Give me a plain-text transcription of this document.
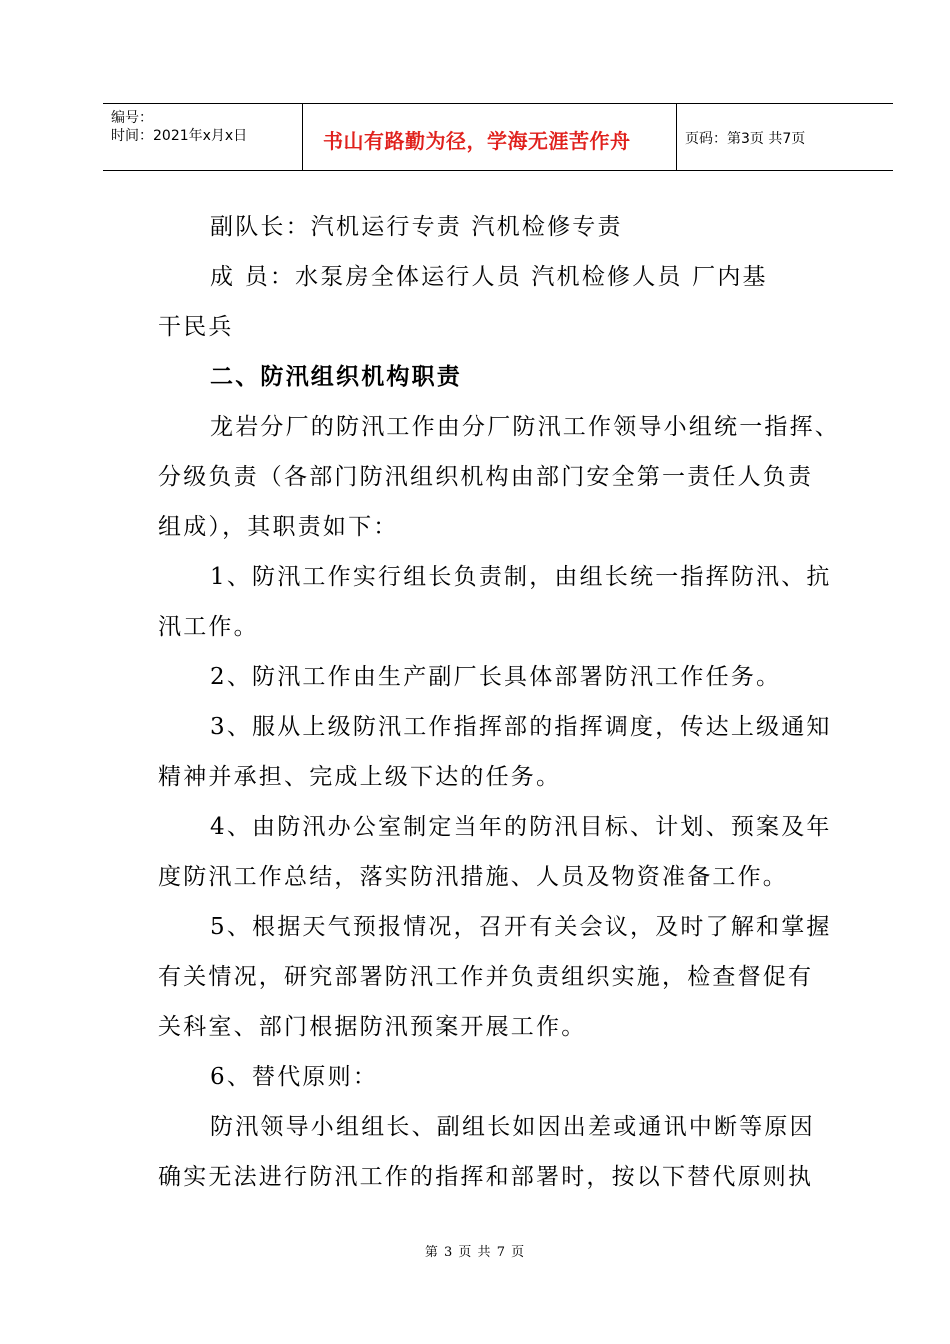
编号：
时间：2021年x月x日	书山有路勤为径，学海无涯苦作舟	页码：第3页 共7页
副队长：汽机运行专责 汽机检修专责
成 员：水泵房全体运行人员 汽机检修人员 厂内基
干民兵
二、防汛组织机构职责
龙岩分厂的防汛工作由分厂防汛工作领导小组统一指挥、
分级负责（各部门防汛组织机构由部门安全第一责任人负责
组成），其职责如下：
1、防汛工作实行组长负责制，由组长统一指挥防汛、抗
汛工作。
2、防汛工作由生产副厂长具体部署防汛工作任务。
3、服从上级防汛工作指挥部的指挥调度，传达上级通知
精神并承担、完成上级下达的任务。
4、由防汛办公室制定当年的防汛目标、计划、预案及年
度防汛工作总结，落实防汛措施、人员及物资准备工作。
5、根据天气预报情况，召开有关会议，及时了解和掌握
有关情况，研究部署防汛工作并负责组织实施，检查督促有
关科室、部门根据防汛预案开展工作。
6、替代原则：
防汛领导小组组长、副组长如因出差或通讯中断等原因
确实无法进行防汛工作的指挥和部署时，按以下替代原则执
第 3 页 共 7 页
